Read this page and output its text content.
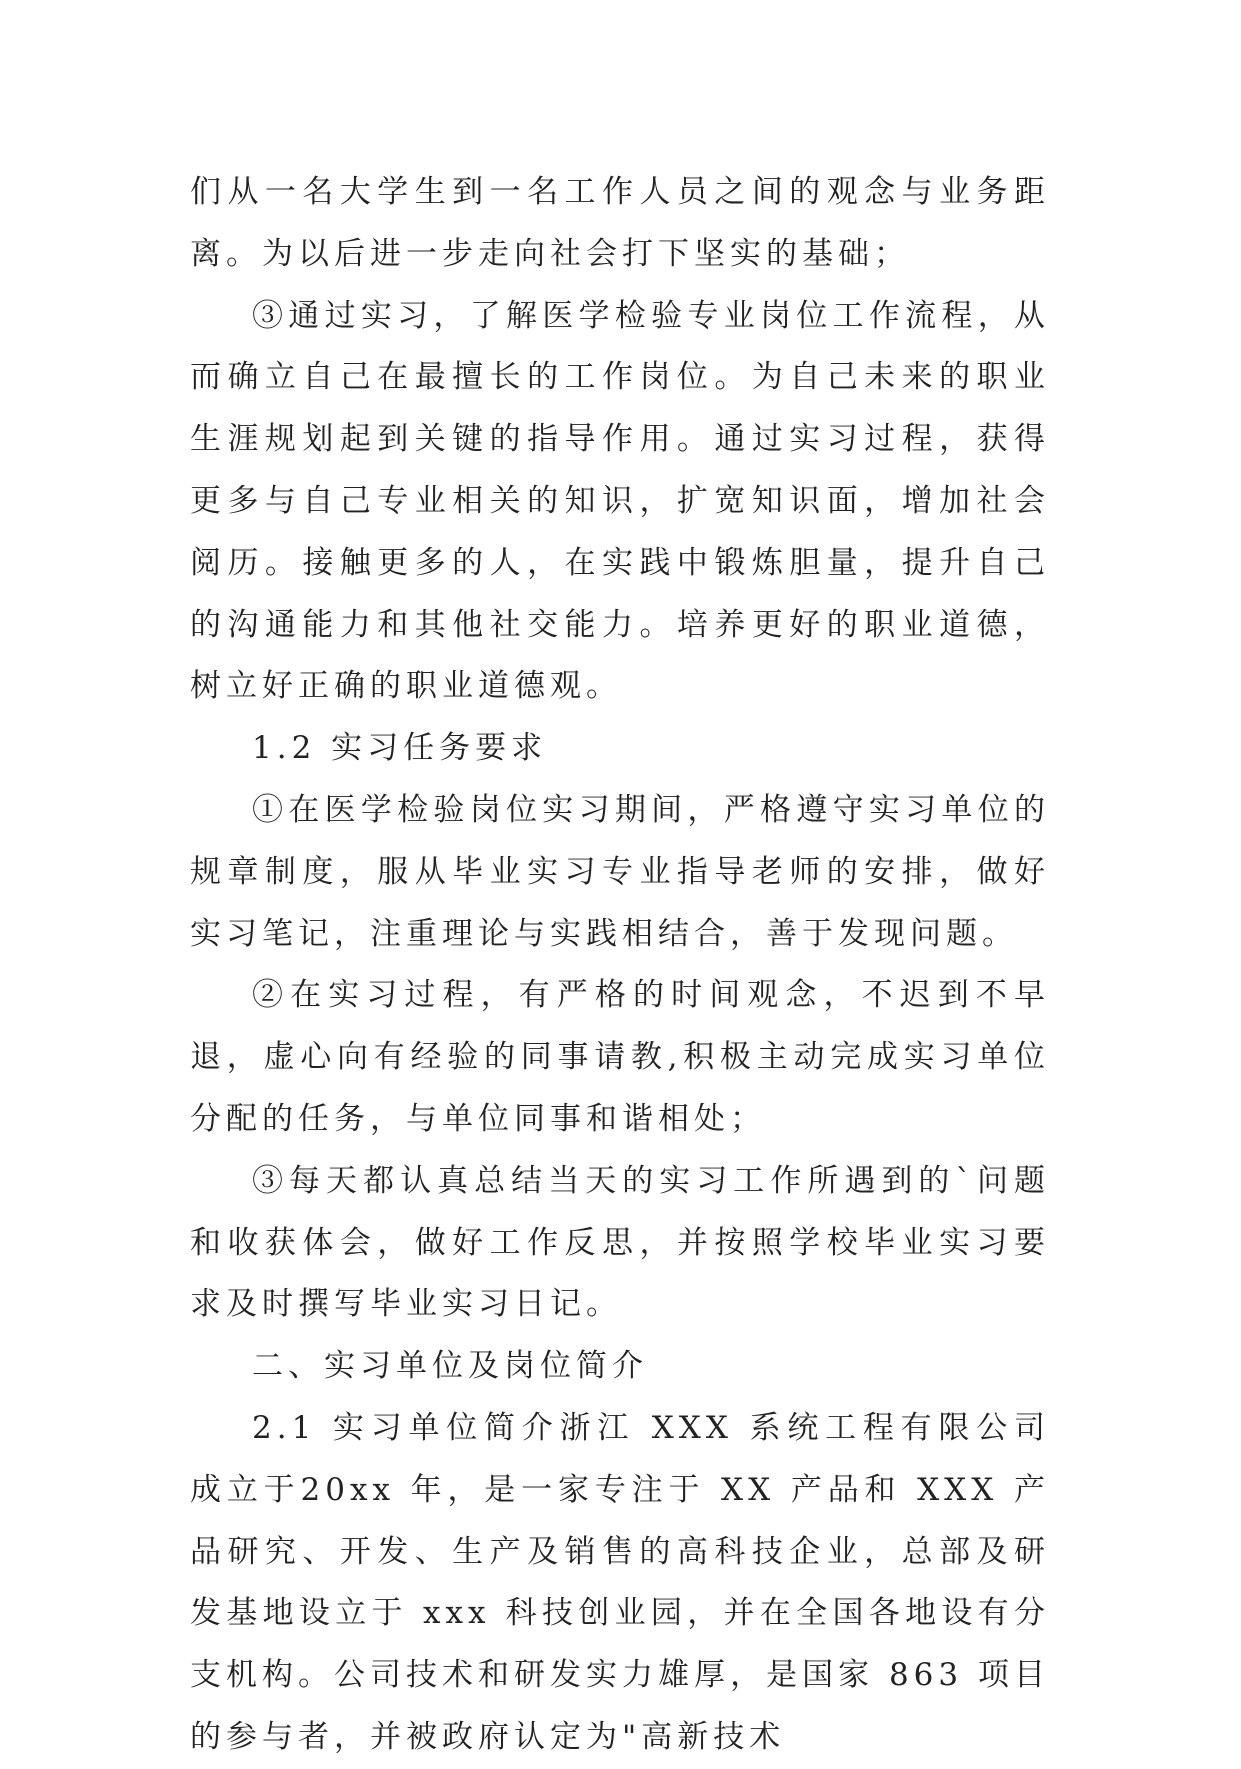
们从一名大学生到一名工作人员之间的观念与业务距离。为以后进一步走向社会打下坚实的基础；

③通过实习，了解医学检验专业岗位工作流程，从而确立自己在最擅长的工作岗位。为自己未来的职业生涯规划起到关键的指导作用。通过实习过程，获得更多与自己专业相关的知识，扩宽知识面，增加社会阅历。接触更多的人，在实践中锻炼胆量，提升自己的沟通能力和其他社交能力。培养更好的职业道德，树立好正确的职业道德观。

1.2 实习任务要求

①在医学检验岗位实习期间，严格遵守实习单位的规章制度，服从毕业实习专业指导老师的安排，做好实习笔记，注重理论与实践相结合，善于发现问题。

②在实习过程，有严格的时间观念，不迟到不早退，虚心向有经验的同事请教,积极主动完成实习单位分配的任务，与单位同事和谐相处；

③每天都认真总结当天的实习工作所遇到的`问题和收获体会，做好工作反思，并按照学校毕业实习要求及时撰写毕业实习日记。

二、实习单位及岗位简介

2.1 实习单位简介浙江 XXX 系统工程有限公司成立于20xx 年，是一家专注于 XX 产品和 XXX 产品研究、开发、生产及销售的高科技企业，总部及研发基地设立于 xxx 科技创业园，并在全国各地设有分支机构。公司技术和研发实力雄厚，是国家 863 项目的参与者，并被政府认定为"高新技术
